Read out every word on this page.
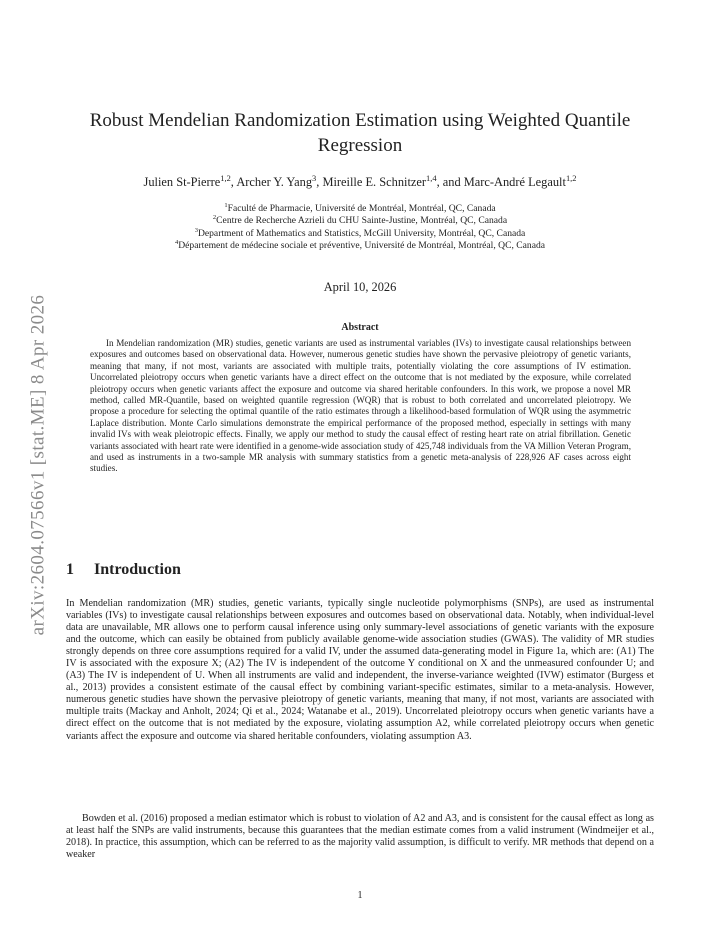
arXiv:2604.07566v1 [stat.ME] 8 Apr 2026
Robust Mendelian Randomization Estimation using Weighted Quantile
Regression
Julien St-Pierre$^{1,2}$, Archer Y. Yang$^3$, Mireille E. Schnitzer$^{1,4}$, and Marc-André Legault$^{1,2}$
$^1$Faculté de Pharmacie, Université de Montréal, Montréal, QC, Canada
$^2$Centre de Recherche Azrieli du CHU Sainte-Justine, Montréal, QC, Canada
$^3$Department of Mathematics and Statistics, McGill University, Montréal, QC, Canada
$^4$Département de médecine sociale et préventive, Université de Montréal, Montréal, QC, Canada
April 10, 2026
Abstract

In Mendelian randomization (MR) studies, genetic variants are used as instrumental variables (IVs) to investigate causal relationships between exposures and outcomes based on observational data. However, numerous genetic studies have shown the pervasive pleiotropy of genetic variants, meaning that many, if not most, variants are associated with multiple traits, potentially violating the core assumptions of IV estimation. Uncorrelated pleiotropy occurs when genetic variants have a direct effect on the outcome that is not mediated by the exposure, while correlated pleiotropy occurs when genetic variants affect the exposure and outcome via shared heritable confounders. In this work, we propose a novel MR method, called MR-Quantile, based on weighted quantile regression (WQR) that is robust to both correlated and uncorrelated pleiotropy. We propose a procedure for selecting the optimal quantile of the ratio estimates through a likelihood-based formulation of WQR using the asymmetric Laplace distribution. Monte Carlo simulations demonstrate the empirical performance of the proposed method, especially in settings with many invalid IVs with weak pleiotropic effects. Finally, we apply our method to study the causal effect of resting heart rate on atrial fibrillation. Genetic variants associated with heart rate were identified in a genome-wide association study of 425,748 individuals from the VA Million Veteran Program, and used as instruments in a two-sample MR analysis with summary statistics from a genetic meta-analysis of 228,926 AF cases across eight studies.

1 Introduction

In Mendelian randomization (MR) studies, genetic variants, typically single nucleotide polymorphisms (SNPs), are used as instrumental variables (IVs) to investigate causal relationships between exposures and outcomes based on observational data. Notably, when individual-level data are unavailable, MR allows one to perform causal inference using only summary-level associations of genetic variants with the exposure and the outcome, which can easily be obtained from publicly available genome-wide association studies (GWAS). The validity of MR studies strongly depends on three core assumptions required for a valid IV, under the assumed data-generating model in Figure 1a, which are: (A1) The IV is associated with the exposure X; (A2) The IV is independent of the outcome Y conditional on X and the unmeasured confounder U; and (A3) The IV is independent of U. When all instruments are valid and independent, the inverse-variance weighted (IVW) estimator (Burgess et al., 2013) provides a consistent estimate of the causal effect by combining variant-specific estimates, similar to a meta-analysis. However, numerous genetic studies have shown the pervasive pleiotropy of genetic variants, meaning that many, if not most, variants are associated with multiple traits (Mackay and Anholt, 2024; Qi et al., 2024; Watanabe et al., 2019). Uncorrelated pleiotropy occurs when genetic variants have a direct effect on the outcome that is not mediated by the exposure, violating assumption A2, while correlated pleiotropy occurs when genetic variants affect the exposure and outcome via shared heritable confounders, violating assumption A3.

Bowden et al. (2016) proposed a median estimator which is robust to violation of A2 and A3, and is consistent for the causal effect as long as at least half the SNPs are valid instruments, because this guarantees that the median estimate comes from a valid instrument (Windmeijer et al., 2018). In practice, this assumption, which can be referred to as the majority valid assumption, is difficult to verify. MR methods that depend on a weaker

1
